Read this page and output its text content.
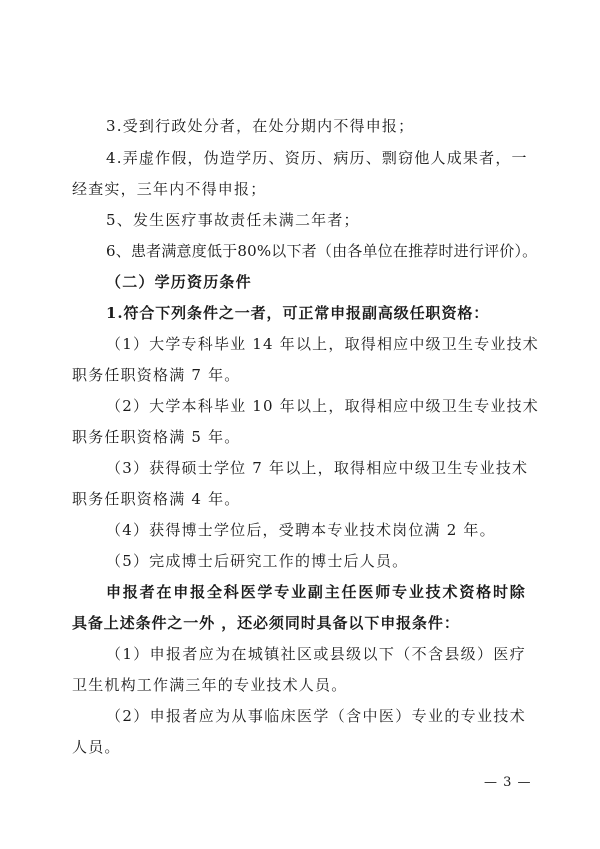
3.受到行政处分者，在处分期内不得申报；
4.弄虚作假，伪造学历、资历、病历、剽窃他人成果者，一
经查实，三年内不得申报；
5、发生医疗事故责任未满二年者；
6、患者满意度低于80%以下者（由各单位在推荐时进行评价）。
（二）学历资历条件
1.符合下列条件之一者，可正常申报副高级任职资格：
（1）大学专科毕业 14 年以上，取得相应中级卫生专业技术
职务任职资格满 7 年。
（2）大学本科毕业 10 年以上，取得相应中级卫生专业技术
职务任职资格满 5 年。
（3）获得硕士学位 7 年以上，取得相应中级卫生专业技术
职务任职资格满 4 年。
（4）获得博士学位后，受聘本专业技术岗位满 2 年。
（5）完成博士后研究工作的博士后人员。
申报者在申报全科医学专业副主任医师专业技术资格时除
具备上述条件之一外 ，还必须同时具备以下申报条件：
（1）申报者应为在城镇社区或县级以下（不含县级）医疗
卫生机构工作满三年的专业技术人员。
（2）申报者应为从事临床医学（含中医）专业的专业技术
人员。
— 3 —
